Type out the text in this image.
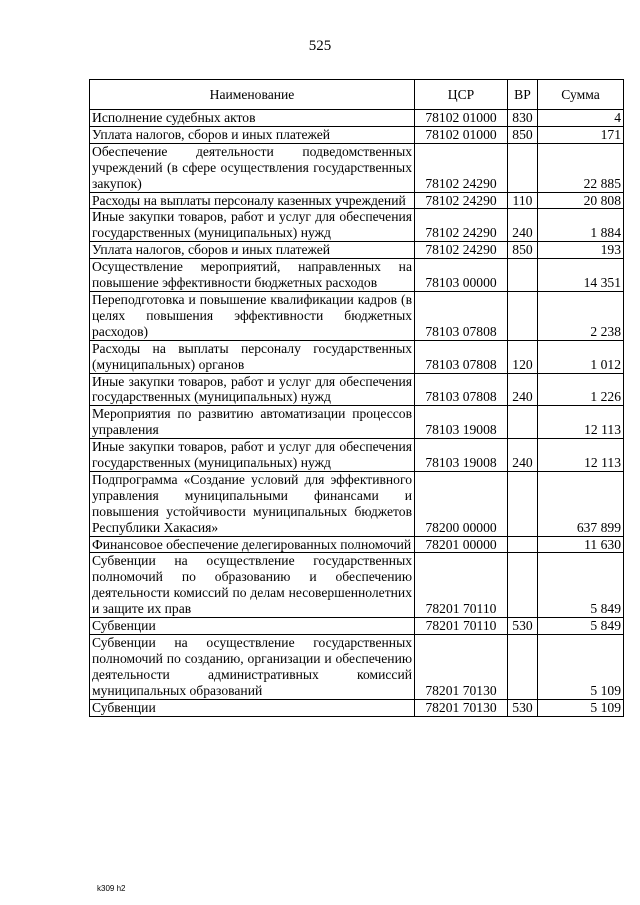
525
Наименование	ЦСР	ВР	Сумма
Исполнение судебных актов	78102 01000	830	4
Уплата налогов, сборов и иных платежей	78102 01000	850	171
Обеспечение деятельности подведомственных учреждений (в сфере осуществления государственных закупок)	78102 24290		22 885
Расходы на выплаты персоналу казенных учреждений	78102 24290	110	20 808
Иные закупки товаров, работ и услуг для обеспечения государственных (муниципальных) нужд	78102 24290	240	1 884
Уплата налогов, сборов и иных платежей	78102 24290	850	193
Осуществление мероприятий, направленных на повышение эффективности бюджетных расходов	78103 00000		14 351
Переподготовка и повышение квалификации кадров (в целях повышения эффективности бюджетных расходов)	78103 07808		2 238
Расходы на выплаты персоналу государственных (муниципальных) органов	78103 07808	120	1 012
Иные закупки товаров, работ и услуг для обеспечения государственных (муниципальных) нужд	78103 07808	240	1 226
Мероприятия по развитию автоматизации процессов управления	78103 19008		12 113
Иные закупки товаров, работ и услуг для обеспечения государственных (муниципальных) нужд	78103 19008	240	12 113
Подпрограмма «Создание условий для эффективного управления муниципальными финансами и повышения устойчивости муниципальных бюджетов Республики Хакасия»	78200 00000		637 899
Финансовое обеспечение делегированных полномочий	78201 00000		11 630
Субвенции на осуществление государственных полномочий по образованию и обеспечению деятельности комиссий по делам несовершеннолетних и защите их прав	78201 70110		5 849
Субвенции	78201 70110	530	5 849
Субвенции на осуществление государственных полномочий по созданию, организации и обеспечению деятельности административных комиссий муниципальных образований	78201 70130		5 109
Субвенции	78201 70130	530	5 109
k309 h2
